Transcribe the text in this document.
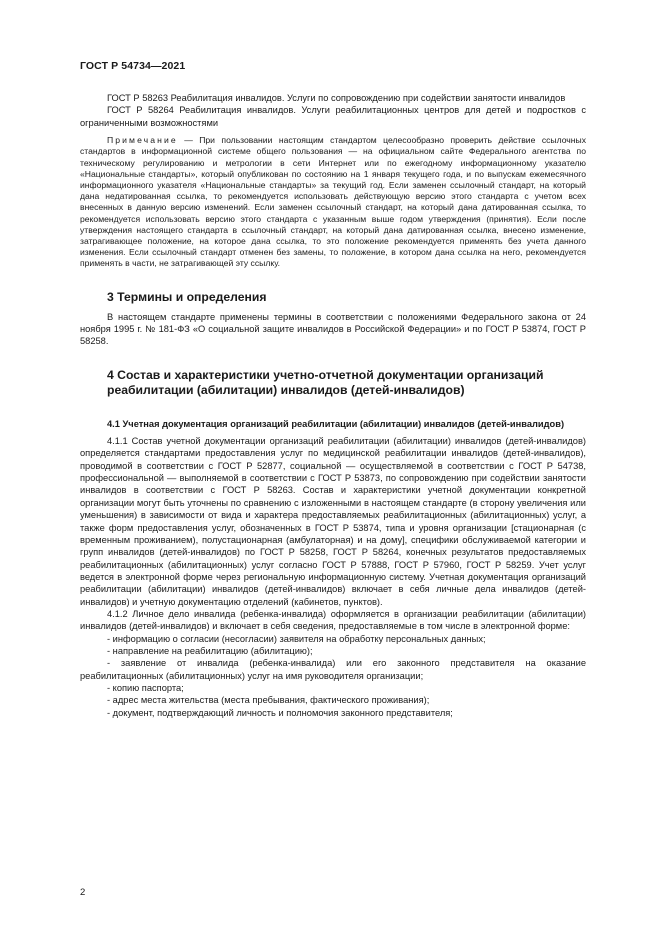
ГОСТ Р 54734—2021

ГОСТ Р 58263 Реабилитация инвалидов. Услуги по сопровождению при содействии занятости инвалидов

ГОСТ Р 58264 Реабилитация инвалидов. Услуги реабилитационных центров для детей и подростков с ограниченными возможностями

Примечание — При пользовании настоящим стандартом целесообразно проверить действие ссылочных стандартов в информационной системе общего пользования — на официальном сайте Федерального агентства по техническому регулированию и метрологии в сети Интернет или по ежегодному информационному указателю «Национальные стандарты», который опубликован по состоянию на 1 января текущего года, и по выпускам ежемесячного информационного указателя «Национальные стандарты» за текущий год. Если заменен ссылочный стандарт, на который дана недатированная ссылка, то рекомендуется использовать действующую версию этого стандарта с учетом всех внесенных в данную версию изменений. Если заменен ссылочный стандарт, на который дана датированная ссылка, то рекомендуется использовать версию этого стандарта с указанным выше годом утверждения (принятия). Если после утверждения настоящего стандарта в ссылочный стандарт, на который дана датированная ссылка, внесено изменение, затрагивающее положение, на которое дана ссылка, то это положение рекомендуется применять без учета данного изменения. Если ссылочный стандарт отменен без замены, то положение, в котором дана ссылка на него, рекомендуется применять в части, не затрагивающей эту ссылку.

3 Термины и определения

В настоящем стандарте применены термины в соответствии с положениями Федерального закона от 24 ноября 1995 г. № 181-ФЗ «О социальной защите инвалидов в Российской Федерации» и по ГОСТ Р 53874, ГОСТ Р 58258.

4 Состав и характеристики учетно-отчетной документации организаций реабилитации (абилитации) инвалидов (детей-инвалидов)
4.1 Учетная документация организаций реабилитации (абилитации) инвалидов (детей-инвалидов)

4.1.1 Состав учетной документации организаций реабилитации (абилитации) инвалидов (детей-инвалидов) определяется стандартами предоставления услуг по медицинской реабилитации инвалидов (детей-инвалидов), проводимой в соответствии с ГОСТ Р 52877, социальной — осуществляемой в соответствии с ГОСТ Р 54738, профессиональной — выполняемой в соответствии с ГОСТ Р 53873, по сопровождению при содействии занятости инвалидов в соответствии с ГОСТ Р 58263. Состав и характеристики учетной документации конкретной организации могут быть уточнены по сравнению с изложенными в настоящем стандарте (в сторону увеличения или уменьшения) в зависимости от вида и характера предоставляемых реабилитационных (абилитационных) услуг, а также форм предоставления услуг, обозначенных в ГОСТ Р 53874, типа и уровня организации [стационарная (с временным проживанием), полустационарная (амбулаторная) и на дому], специфики обслуживаемой категории и групп инвалидов (детей-инвалидов) по ГОСТ Р 58258, ГОСТ Р 58264, конечных результатов предоставляемых реабилитационных (абилитационных) услуг согласно ГОСТ Р 57888, ГОСТ Р 57960, ГОСТ Р 58259. Учет услуг ведется в электронной форме через региональную информационную систему. Учетная документация организаций реабилитации (абилитации) инвалидов (детей-инвалидов) включает в себя личные дела инвалидов (детей-инвалидов) и учетную документацию отделений (кабинетов, пунктов).

4.1.2 Личное дело инвалида (ребенка-инвалида) оформляется в организации реабилитации (абилитации) инвалидов (детей-инвалидов) и включает в себя сведения, предоставляемые в том числе в электронной форме:

- информацию о согласии (несогласии) заявителя на обработку персональных данных;

- направление на реабилитацию (абилитацию);

- заявление от инвалида (ребенка-инвалида) или его законного представителя на оказание реабилитационных (абилитационных) услуг на имя руководителя организации;

- копию паспорта;

- адрес места жительства (места пребывания, фактического проживания);

- документ, подтверждающий личность и полномочия законного представителя;

2
